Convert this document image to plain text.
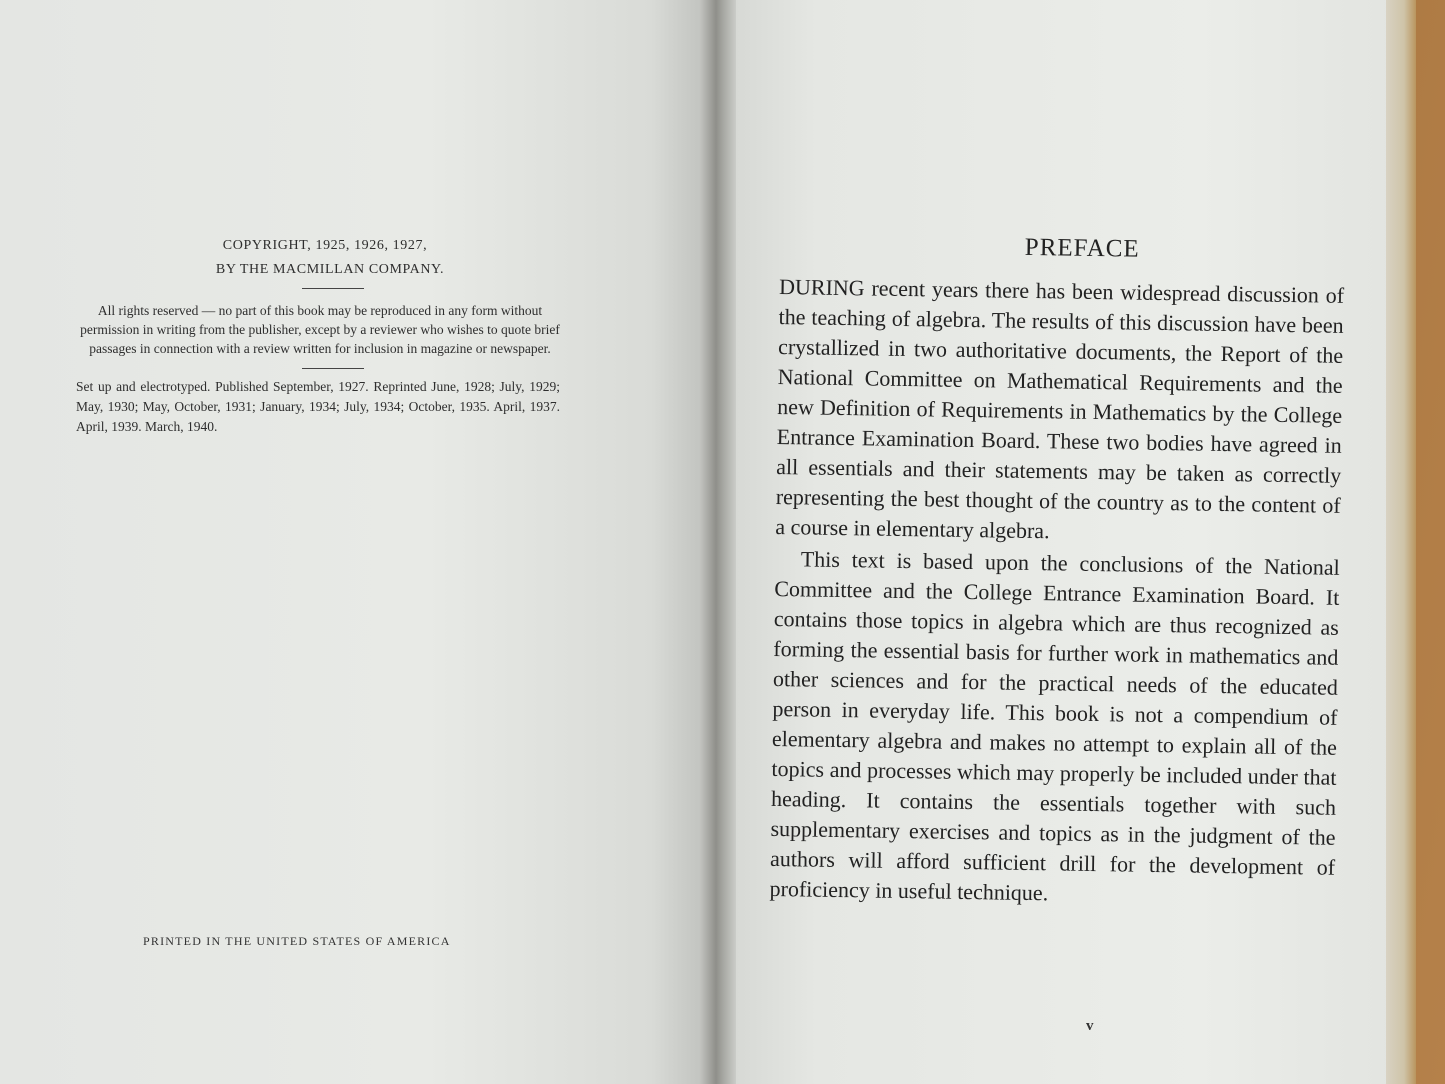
COPYRIGHT, 1925, 1926, 1927,
BY THE MACMILLAN COMPANY.
All rights reserved — no part of this book may be reproduced in any form without permission in writing from the publisher, except by a reviewer who wishes to quote brief passages in connection with a review written for inclusion in magazine or newspaper.
Set up and electrotyped. Published September, 1927. Reprinted June, 1928; July, 1929; May, 1930; May, October, 1931; January, 1934; July, 1934; October, 1935. April, 1937. April, 1939. March, 1940.
PRINTED IN THE UNITED STATES OF AMERICA
PREFACE

DURING recent years there has been widespread discussion of the teaching of algebra. The results of this discussion have been crystallized in two authoritative documents, the Report of the National Committee on Mathematical Requirements and the new Definition of Requirements in Mathematics by the College Entrance Examination Board. These two bodies have agreed in all essentials and their statements may be taken as correctly representing the best thought of the country as to the content of a course in elementary algebra.

This text is based upon the conclusions of the National Committee and the College Entrance Examination Board. It contains those topics in algebra which are thus recognized as forming the essential basis for further work in mathematics and other sciences and for the practical needs of the educated person in everyday life. This book is not a compendium of elementary algebra and makes no attempt to explain all of the topics and processes which may properly be included under that heading. It contains the essentials together with such supplementary exercises and topics as in the judgment of the authors will afford sufficient drill for the development of proficiency in useful technique.

v
